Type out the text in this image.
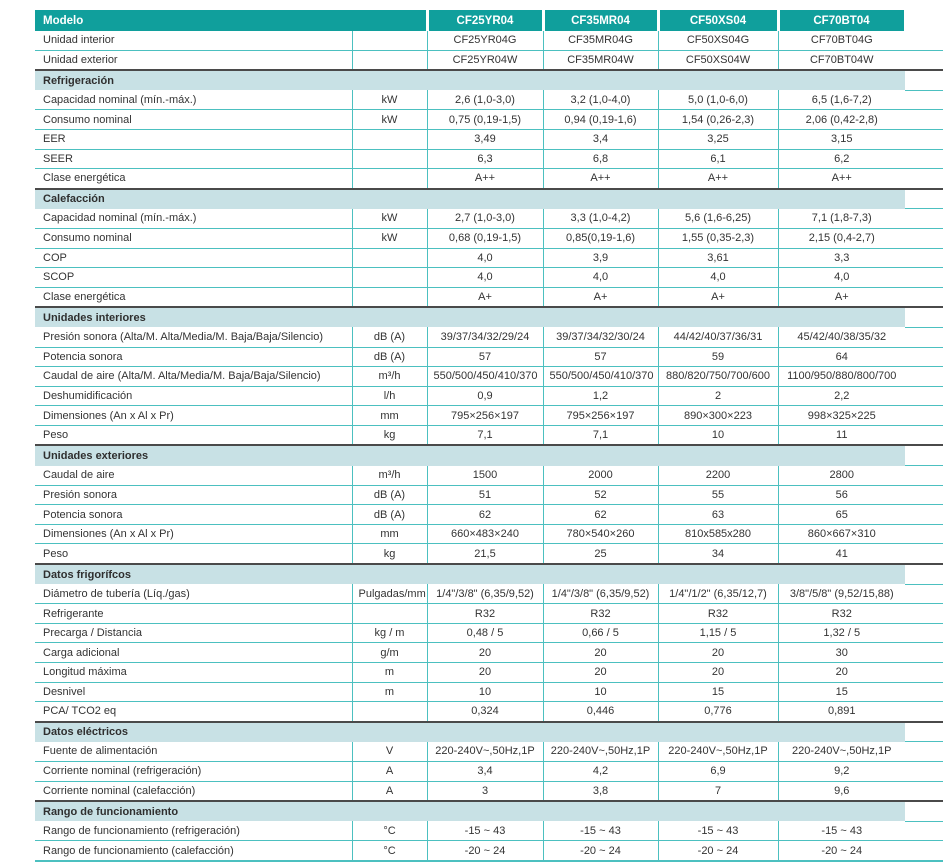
Modelo		CF25YR04	CF35MR04	CF50XS04	CF70BT04	
Unidad interior		CF25YR04G	CF35MR04G	CF50XS04G	CF70BT04G	
Unidad exterior		CF25YR04W	CF35MR04W	CF50XS04W	CF70BT04W	
Refrigeración						
Capacidad nominal (mín.-máx.)	kW	2,6 (1,0-3,0)	3,2 (1,0-4,0)	5,0 (1,0-6,0)	6,5 (1,6-7,2)	
Consumo nominal	kW	0,75 (0,19-1,5)	0,94 (0,19-1,6)	1,54 (0,26-2,3)	2,06 (0,42-2,8)	
EER		3,49	3,4	3,25	3,15	
SEER		6,3	6,8	6,1	6,2	
Clase energética		A++	A++	A++	A++	
Calefacción						
Capacidad nominal (mín.-máx.)	kW	2,7 (1,0-3,0)	3,3 (1,0-4,2)	5,6 (1,6-6,25)	7,1 (1,8-7,3)	
Consumo nominal	kW	0,68 (0,19-1,5)	0,85(0,19-1,6)	1,55 (0,35-2,3)	2,15 (0,4-2,7)	
COP		4,0	3,9	3,61	3,3	
SCOP		4,0	4,0	4,0	4,0	
Clase energética		A+	A+	A+	A+	
Unidades interiores						
Presión sonora (Alta/M. Alta/Media/M. Baja/Baja/Silencio)	dB (A)	39/37/34/32/29/24	39/37/34/32/30/24	44/42/40/37/36/31	45/42/40/38/35/32	
Potencia sonora	dB (A)	57	57	59	64	
Caudal de aire (Alta/M. Alta/Media/M. Baja/Baja/Silencio)	m³/h	550/500/450/410/370	550/500/450/410/370	880/820/750/700/600	1100/950/880/800/700	
Deshumidificación	l/h	0,9	1,2	2	2,2	
Dimensiones (An x Al x Pr)	mm	795×256×197	795×256×197	890×300×223	998×325×225	
Peso	kg	7,1	7,1	10	11	
Unidades exteriores						
Caudal de aire	m³/h	1500	2000	2200	2800	
Presión sonora	dB (A)	51	52	55	56	
Potencia sonora	dB (A)	62	62	63	65	
Dimensiones (An x Al x Pr)	mm	660×483×240	780×540×260	810x585x280	860×667×310	
Peso	kg	21,5	25	34	41	
Datos frigorífcos						
Diámetro de tubería (Líq./gas)	Pulgadas/mm	1/4"/3/8" (6,35/9,52)	1/4"/3/8" (6,35/9,52)	1/4"/1/2" (6,35/12,7)	3/8"/5/8" (9,52/15,88)	
Refrigerante		R32	R32	R32	R32	
Precarga / Distancia	kg / m	0,48 / 5	0,66 / 5	1,15 / 5	1,32 / 5	
Carga adicional	g/m	20	20	20	30	
Longitud máxima	m	20	20	20	20	
Desnivel	m	10	10	15	15	
PCA/ TCO2 eq		0,324	0,446	0,776	0,891	
Datos eléctricos						
Fuente de alimentación	V	220-240V~,50Hz,1P	220-240V~,50Hz,1P	220-240V~,50Hz,1P	220-240V~,50Hz,1P	
Corriente nominal (refrigeración)	A	3,4	4,2	6,9	9,2	
Corriente nominal (calefacción)	A	3	3,8	7	9,6	
Rango de funcionamiento						
Rango de funcionamiento (refrigeración)	°C	-15 ~ 43	-15 ~ 43	-15 ~ 43	-15 ~ 43	
Rango de funcionamiento (calefacción)	°C	-20 ~ 24	-20 ~ 24	-20 ~ 24	-20 ~ 24	
